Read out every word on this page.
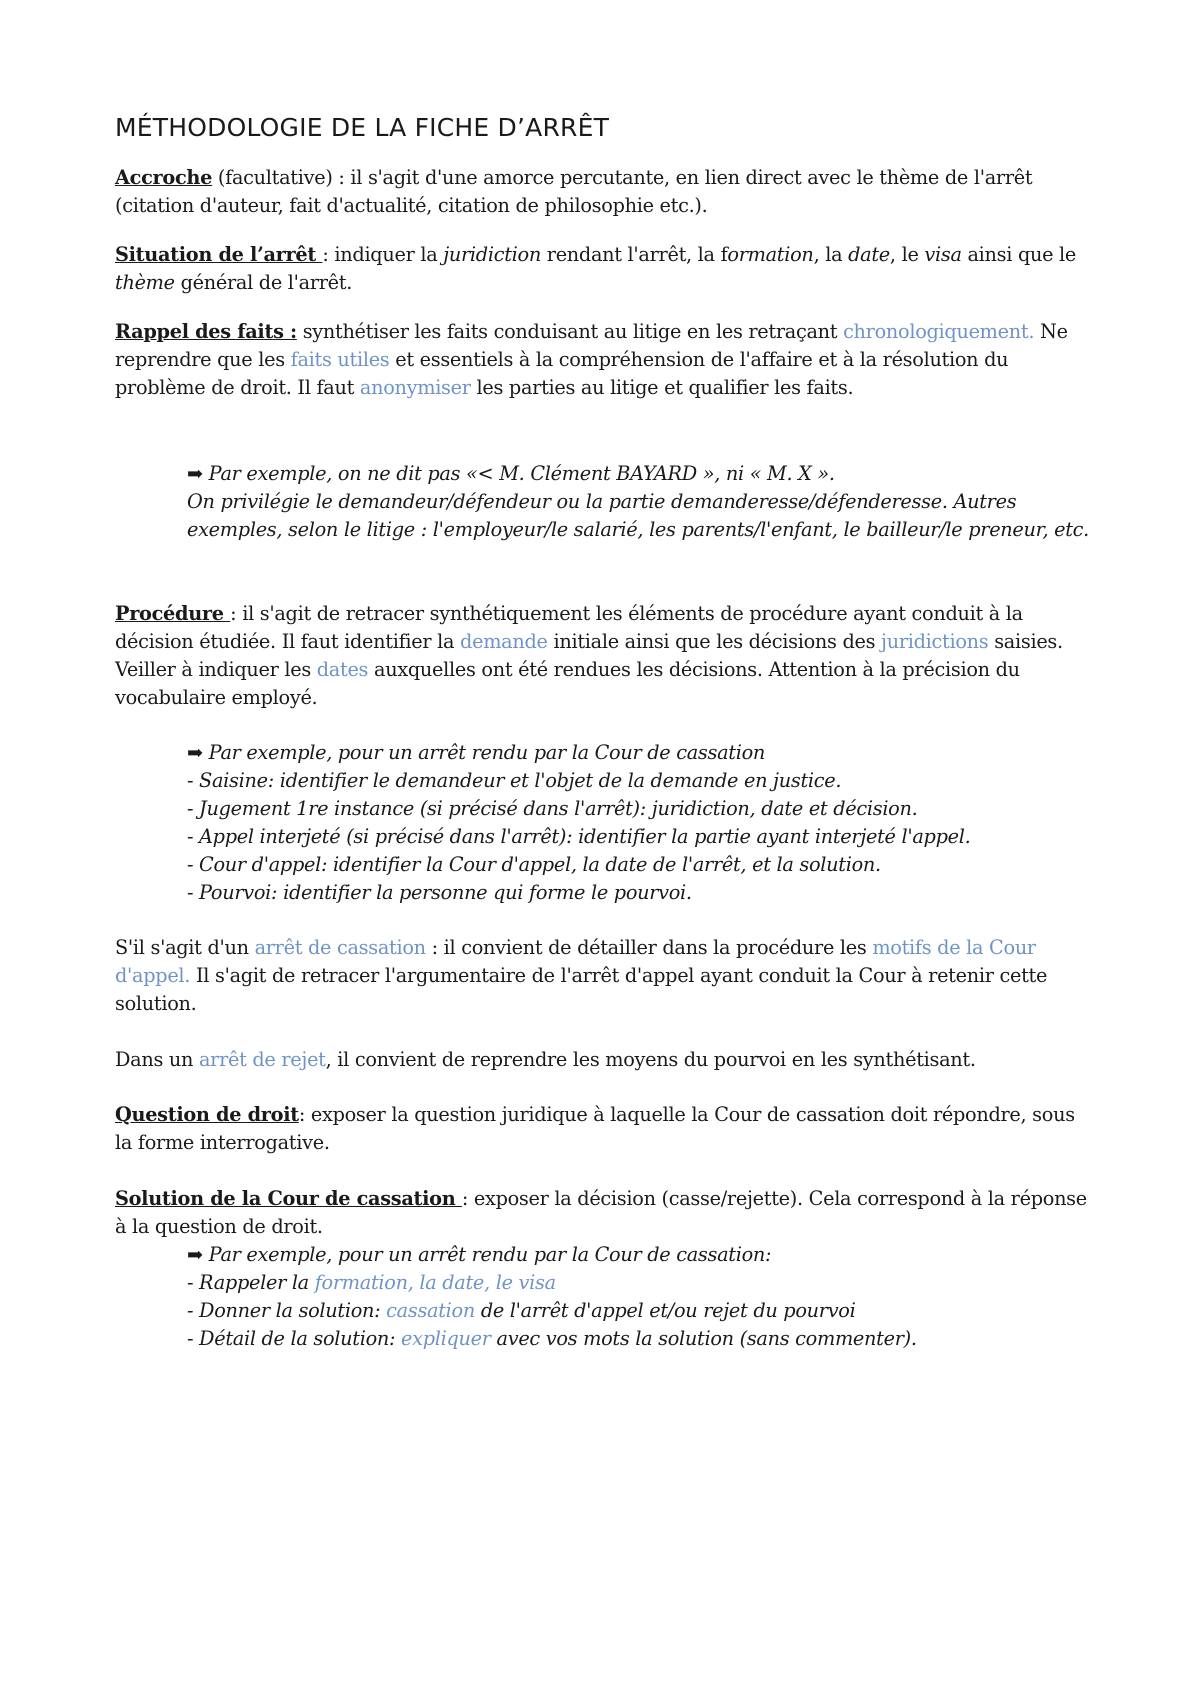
MÉTHODOLOGIE DE LA FICHE D’ARRÊT

Accroche (facultative) : il s'agit d'une amorce percutante, en lien direct avec le thème de l'arrêt (citation d'auteur, fait d'actualité, citation de philosophie etc.).

Situation de l’arrêt : indiquer la juridiction rendant l'arrêt, la formation, la date, le visa ainsi que le thème général de l'arrêt.

Rappel des faits : synthétiser les faits conduisant au litige en les retraçant chronologiquement. Ne reprendre que les faits utiles et essentiels à la compréhension de l'affaire et à la résolution du problème de droit. Il faut anonymiser les parties au litige et qualifier les faits.

➡ Par exemple, on ne dit pas «< M. Clément BAYARD », ni « M. X ».
On privilégie le demandeur/défendeur ou la partie demanderesse/défenderesse. Autres exemples, selon le litige : l'employeur/le salarié, les parents/l'enfant, le bailleur/le preneur, etc.

Procédure : il s'agit de retracer synthétiquement les éléments de procédure ayant conduit à la décision étudiée. Il faut identifier la demande initiale ainsi que les décisions des juridictions saisies. Veiller à indiquer les dates auxquelles ont été rendues les décisions. Attention à la précision du vocabulaire employé.

➡ Par exemple, pour un arrêt rendu par la Cour de cassation
- Saisine: identifier le demandeur et l'objet de la demande en justice.
- Jugement 1re instance (si précisé dans l'arrêt): juridiction, date et décision.
- Appel interjeté (si précisé dans l'arrêt): identifier la partie ayant interjeté l'appel.
- Cour d'appel: identifier la Cour d'appel, la date de l'arrêt, et la solution.
- Pourvoi: identifier la personne qui forme le pourvoi.

S'il s'agit d'un arrêt de cassation : il convient de détailler dans la procédure les motifs de la Cour d'appel. Il s'agit de retracer l'argumentaire de l'arrêt d'appel ayant conduit la Cour à retenir cette solution.

Dans un arrêt de rejet, il convient de reprendre les moyens du pourvoi en les synthétisant.

Question de droit: exposer la question juridique à laquelle la Cour de cassation doit répondre, sous la forme interrogative.

Solution de la Cour de cassation : exposer la décision (casse/rejette). Cela correspond à la réponse à la question de droit.

➡ Par exemple, pour un arrêt rendu par la Cour de cassation:
- Rappeler la formation, la date, le visa
- Donner la solution: cassation de l'arrêt d'appel et/ou rejet du pourvoi
- Détail de la solution: expliquer avec vos mots la solution (sans commenter).
